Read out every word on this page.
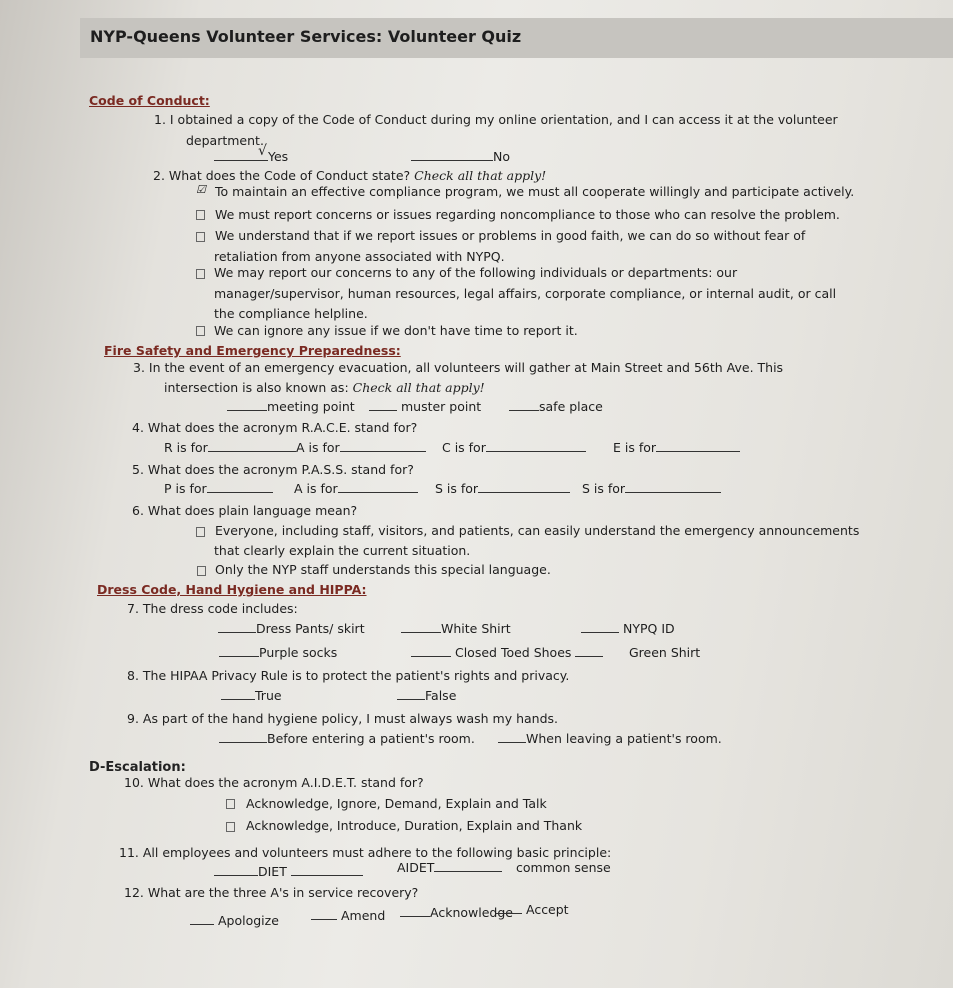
NYP-Queens Volunteer Services: Volunteer Quiz
Code of Conduct:
1. I obtained a copy of the Code of Conduct during my online orientation, and I can access it at the volunteer
department.
√ Yes	No
2. What does the Code of Conduct state? Check all that apply!
☑ To maintain an effective compliance program, we must all cooperate willingly and participate actively.
We must report concerns or issues regarding noncompliance to those who can resolve the problem.
We understand that if we report issues or problems in good faith, we can do so without fear of
retaliation from anyone associated with NYPQ.
We may report our concerns to any of the following individuals or departments: our
manager/supervisor, human resources, legal affairs, corporate compliance, or internal audit, or call
the compliance helpline.
We can ignore any issue if we don't have time to report it.
Fire Safety and Emergency Preparedness:
3. In the event of an emergency evacuation, all volunteers will gather at Main Street and 56th Ave. This
intersection is also known as: Check all that apply!
meeting point	muster point	safe place
4. What does the acronym R.A.C.E. stand for?
R is for	A is for	C is for	E is for
5. What does the acronym P.A.S.S. stand for?
P is for	A is for	S is for	S is for
6. What does plain language mean?
Everyone, including staff, visitors, and patients, can easily understand the emergency announcements
that clearly explain the current situation.
Only the NYP staff understands this special language.
Dress Code, Hand Hygiene and HIPPA:
7. The dress code includes:
Dress Pants/ skirt	White Shirt	NYPQ ID
Purple socks	Closed Toed Shoes	Green Shirt
8. The HIPAA Privacy Rule is to protect the patient's rights and privacy.
True	False
9. As part of the hand hygiene policy, I must always wash my hands.
Before entering a patient's room.	When leaving a patient's room.
D-Escalation:
10. What does the acronym A.I.D.E.T. stand for?
Acknowledge, Ignore, Demand, Explain and Talk
Acknowledge, Introduce, Duration, Explain and Thank
11. All employees and volunteers must adhere to the following basic principle:
DIET	AIDET	common sense
12. What are the three A's in service recovery?
Apologize	Amend	Acknowledge	Accept
